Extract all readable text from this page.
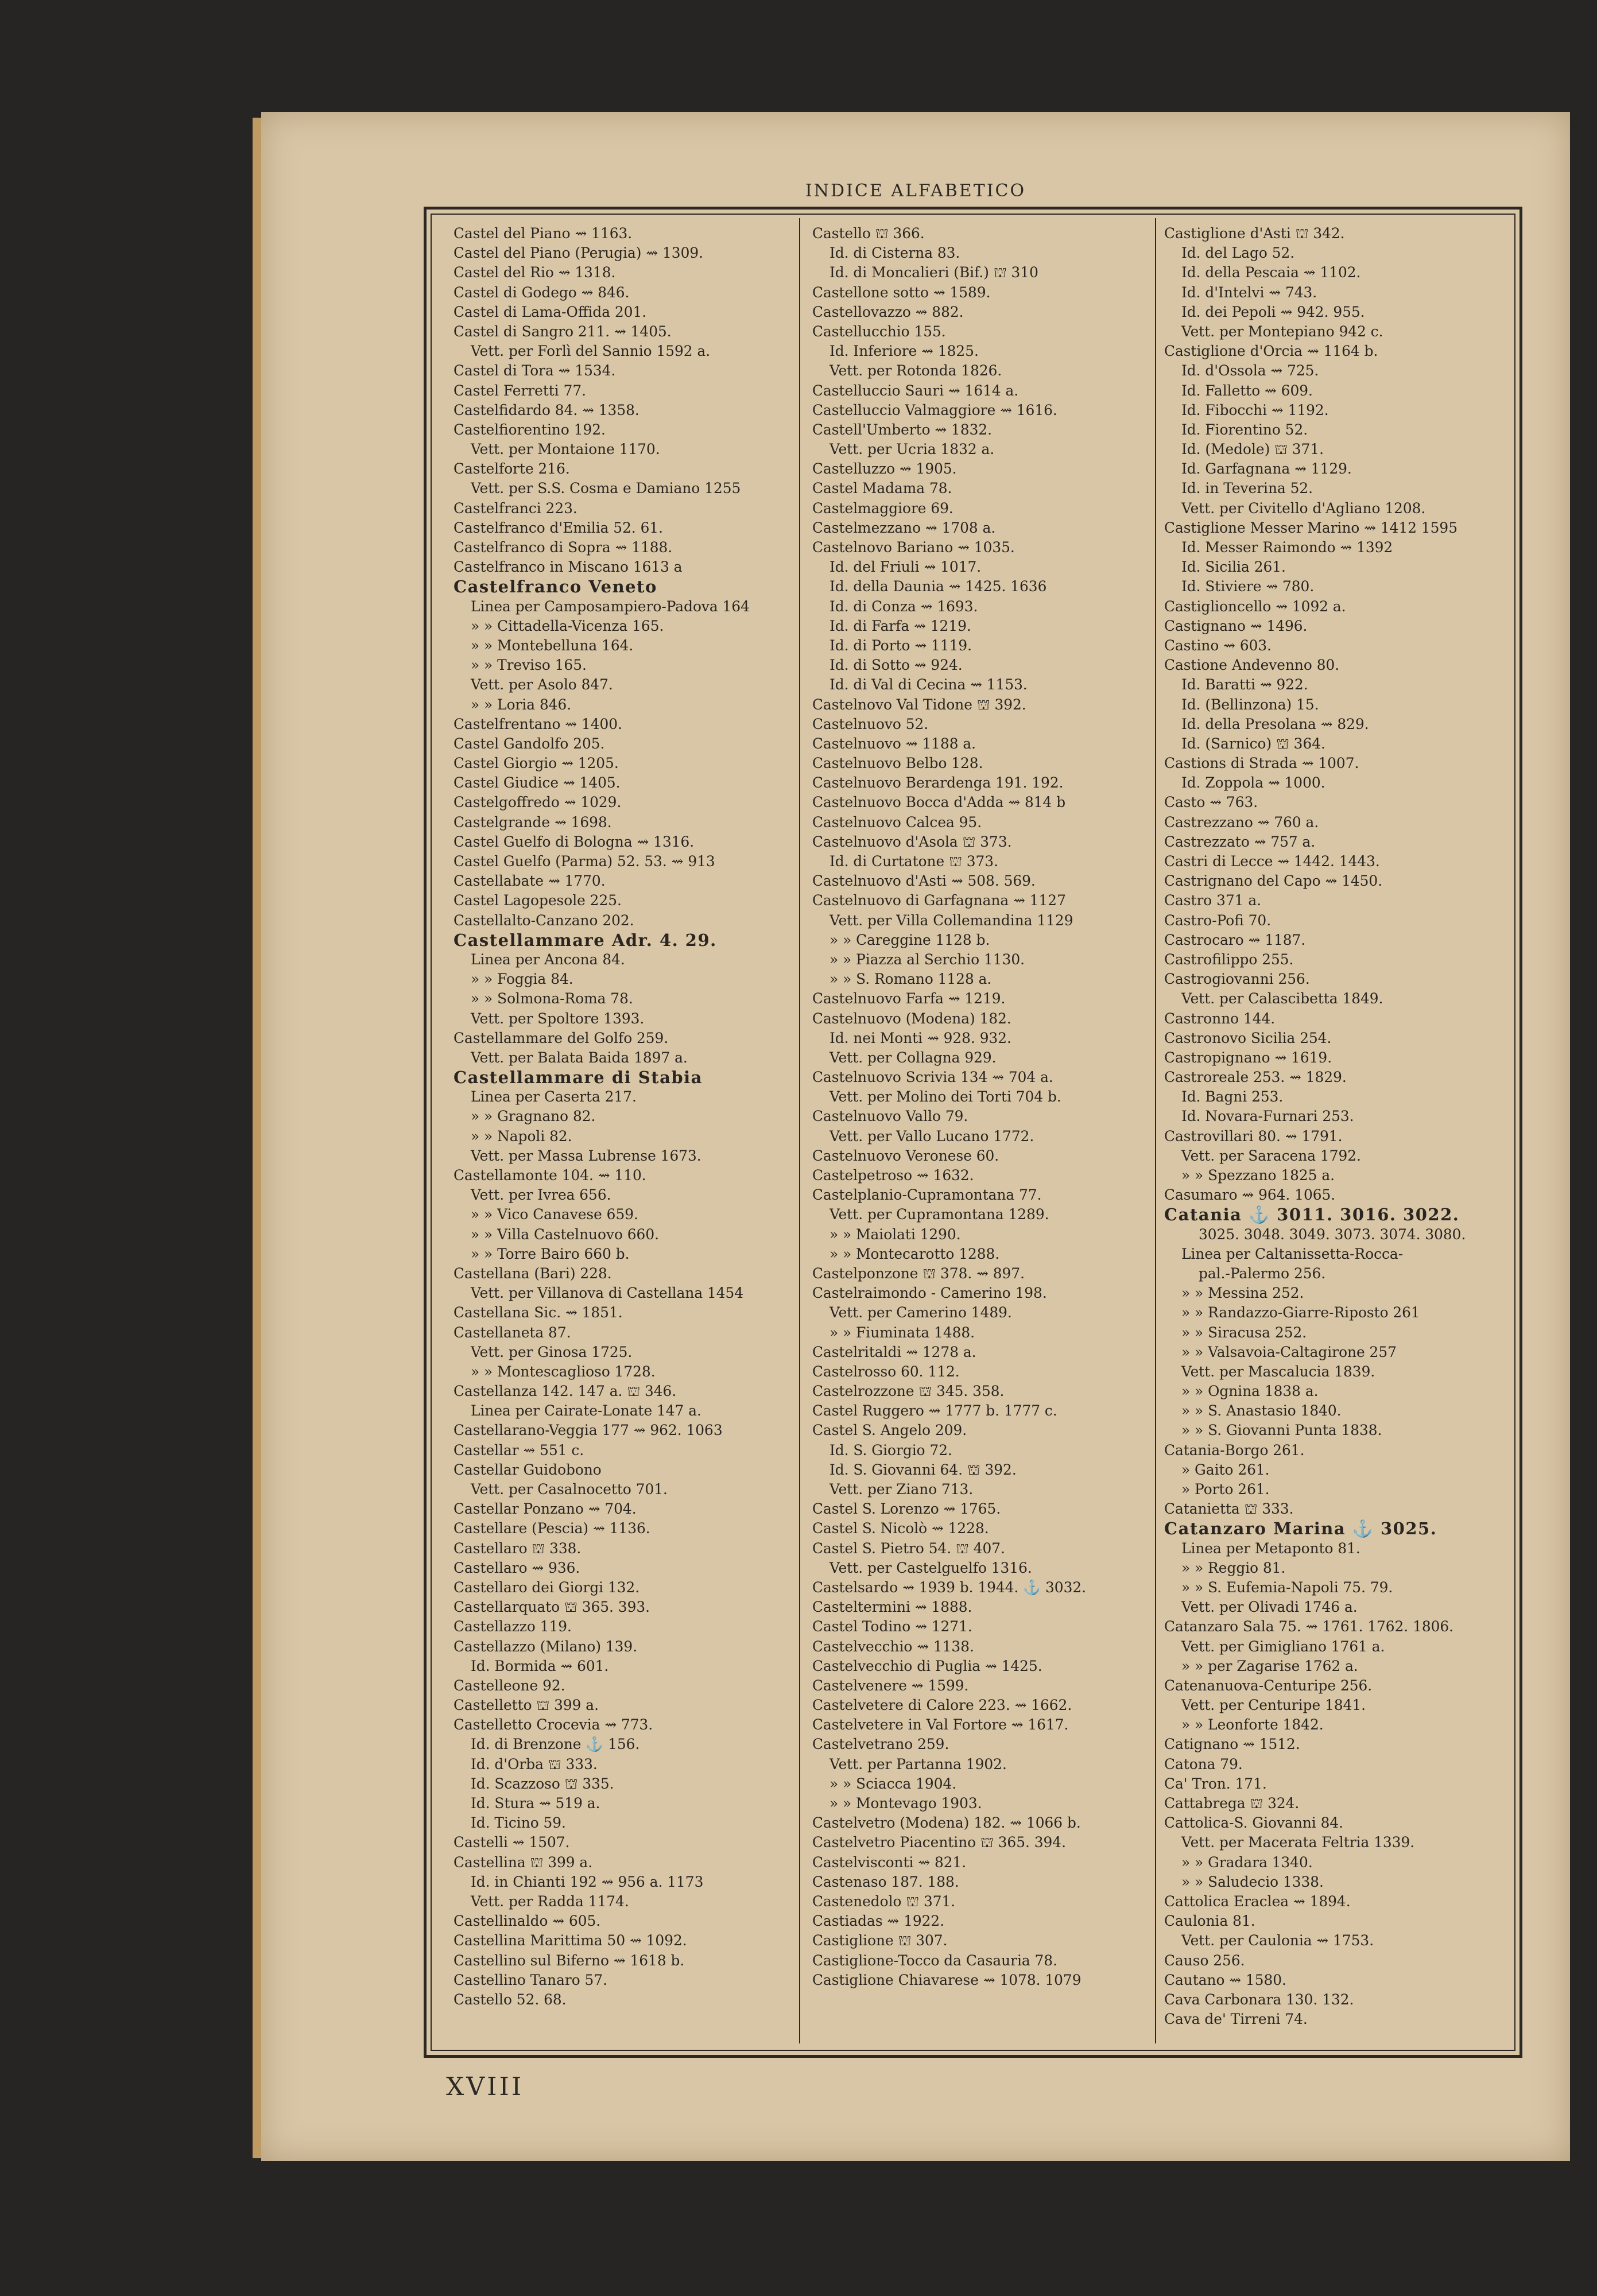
INDICE ALFABETICO
Castel del Piano ⇝ 1163.
Castel del Piano (Perugia) ⇝ 1309.
Castel del Rio ⇝ 1318.
Castel di Godego ⇝ 846.
Castel di Lama-Offida 201.
Castel di Sangro 211. ⇝ 1405.
Vett. per Forlì del Sannio 1592 a.
Castel di Tora ⇝ 1534.
Castel Ferretti 77.
Castelfidardo 84. ⇝ 1358.
Castelfiorentino 192.
Vett. per Montaione 1170.
Castelforte 216.
Vett. per S.S. Cosma e Damiano 1255
Castelfranci 223.
Castelfranco d'Emilia 52. 61.
Castelfranco di Sopra ⇝ 1188.
Castelfranco in Miscano 1613 a
Castelfranco Veneto
Linea per Camposampiero-Padova 164
» » Cittadella-Vicenza 165.
» » Montebelluna 164.
» » Treviso 165.
Vett. per Asolo 847.
» » Loria 846.
Castelfrentano ⇝ 1400.
Castel Gandolfo 205.
Castel Giorgio ⇝ 1205.
Castel Giudice ⇝ 1405.
Castelgoffredo ⇝ 1029.
Castelgrande ⇝ 1698.
Castel Guelfo di Bologna ⇝ 1316.
Castel Guelfo (Parma) 52. 53. ⇝ 913
Castellabate ⇝ 1770.
Castel Lagopesole 225.
Castellalto-Canzano 202.
Castellammare Adr. 4. 29.
Linea per Ancona 84.
» » Foggia 84.
» » Solmona-Roma 78.
Vett. per Spoltore 1393.
Castellammare del Golfo 259.
Vett. per Balata Baida 1897 a.
Castellammare di Stabia
Linea per Caserta 217.
» » Gragnano 82.
» » Napoli 82.
Vett. per Massa Lubrense 1673.
Castellamonte 104. ⇝ 110.
Vett. per Ivrea 656.
» » Vico Canavese 659.
» » Villa Castelnuovo 660.
» » Torre Bairo 660 b.
Castellana (Bari) 228.
Vett. per Villanova di Castellana 1454
Castellana Sic. ⇝ 1851.
Castellaneta 87.
Vett. per Ginosa 1725.
» » Montescaglioso 1728.
Castellanza 142. 147 a. ⛫ 346.
Linea per Cairate-Lonate 147 a.
Castellarano-Veggia 177 ⇝ 962. 1063
Castellar ⇝ 551 c.
Castellar Guidobono
Vett. per Casalnocetto 701.
Castellar Ponzano ⇝ 704.
Castellare (Pescia) ⇝ 1136.
Castellaro ⛫ 338.
Castellaro ⇝ 936.
Castellaro dei Giorgi 132.
Castellarquato ⛫ 365. 393.
Castellazzo 119.
Castellazzo (Milano) 139.
Id. Bormida ⇝ 601.
Castelleone 92.
Castelletto ⛫ 399 a.
Castelletto Crocevia ⇝ 773.
Id. di Brenzone ⚓ 156.
Id. d'Orba ⛫ 333.
Id. Scazzoso ⛫ 335.
Id. Stura ⇝ 519 a.
Id. Ticino 59.
Castelli ⇝ 1507.
Castellina ⛫ 399 a.
Id. in Chianti 192 ⇝ 956 a. 1173
Vett. per Radda 1174.
Castellinaldo ⇝ 605.
Castellina Marittima 50 ⇝ 1092.
Castellino sul Biferno ⇝ 1618 b.
Castellino Tanaro 57.
Castello 52. 68.
Castello ⛫ 366.
Id. di Cisterna 83.
Id. di Moncalieri (Bif.) ⛫ 310
Castellone sotto ⇝ 1589.
Castellovazzo ⇝ 882.
Castellucchio 155.
Id. Inferiore ⇝ 1825.
Vett. per Rotonda 1826.
Castelluccio Sauri ⇝ 1614 a.
Castelluccio Valmaggiore ⇝ 1616.
Castell'Umberto ⇝ 1832.
Vett. per Ucria 1832 a.
Castelluzzo ⇝ 1905.
Castel Madama 78.
Castelmaggiore 69.
Castelmezzano ⇝ 1708 a.
Castelnovo Bariano ⇝ 1035.
Id. del Friuli ⇝ 1017.
Id. della Daunia ⇝ 1425. 1636
Id. di Conza ⇝ 1693.
Id. di Farfa ⇝ 1219.
Id. di Porto ⇝ 1119.
Id. di Sotto ⇝ 924.
Id. di Val di Cecina ⇝ 1153.
Castelnovo Val Tidone ⛫ 392.
Castelnuovo 52.
Castelnuovo ⇝ 1188 a.
Castelnuovo Belbo 128.
Castelnuovo Berardenga 191. 192.
Castelnuovo Bocca d'Adda ⇝ 814 b
Castelnuovo Calcea 95.
Castelnuovo d'Asola ⛫ 373.
Id. di Curtatone ⛫ 373.
Castelnuovo d'Asti ⇝ 508. 569.
Castelnuovo di Garfagnana ⇝ 1127
Vett. per Villa Collemandina 1129
» » Careggine 1128 b.
» » Piazza al Serchio 1130.
» » S. Romano 1128 a.
Castelnuovo Farfa ⇝ 1219.
Castelnuovo (Modena) 182.
Id. nei Monti ⇝ 928. 932.
Vett. per Collagna 929.
Castelnuovo Scrivia 134 ⇝ 704 a.
Vett. per Molino dei Torti 704 b.
Castelnuovo Vallo 79.
Vett. per Vallo Lucano 1772.
Castelnuovo Veronese 60.
Castelpetroso ⇝ 1632.
Castelplanio-Cupramontana 77.
Vett. per Cupramontana 1289.
» » Maiolati 1290.
» » Montecarotto 1288.
Castelponzone ⛫ 378. ⇝ 897.
Castelraimondo - Camerino 198.
Vett. per Camerino 1489.
» » Fiuminata 1488.
Castelritaldi ⇝ 1278 a.
Castelrosso 60. 112.
Castelrozzone ⛫ 345. 358.
Castel Ruggero ⇝ 1777 b. 1777 c.
Castel S. Angelo 209.
Id. S. Giorgio 72.
Id. S. Giovanni 64. ⛫ 392.
Vett. per Ziano 713.
Castel S. Lorenzo ⇝ 1765.
Castel S. Nicolò ⇝ 1228.
Castel S. Pietro 54. ⛫ 407.
Vett. per Castelguelfo 1316.
Castelsardo ⇝ 1939 b. 1944. ⚓ 3032.
Casteltermini ⇝ 1888.
Castel Todino ⇝ 1271.
Castelvecchio ⇝ 1138.
Castelvecchio di Puglia ⇝ 1425.
Castelvenere ⇝ 1599.
Castelvetere di Calore 223. ⇝ 1662.
Castelvetere in Val Fortore ⇝ 1617.
Castelvetrano 259.
Vett. per Partanna 1902.
» » Sciacca 1904.
» » Montevago 1903.
Castelvetro (Modena) 182. ⇝ 1066 b.
Castelvetro Piacentino ⛫ 365. 394.
Castelvisconti ⇝ 821.
Castenaso 187. 188.
Castenedolo ⛫ 371.
Castiadas ⇝ 1922.
Castiglione ⛫ 307.
Castiglione-Tocco da Casauria 78.
Castiglione Chiavarese ⇝ 1078. 1079
Castiglione d'Asti ⛫ 342.
Id. del Lago 52.
Id. della Pescaia ⇝ 1102.
Id. d'Intelvi ⇝ 743.
Id. dei Pepoli ⇝ 942. 955.
Vett. per Montepiano 942 c.
Castiglione d'Orcia ⇝ 1164 b.
Id. d'Ossola ⇝ 725.
Id. Falletto ⇝ 609.
Id. Fibocchi ⇝ 1192.
Id. Fiorentino 52.
Id. (Medole) ⛫ 371.
Id. Garfagnana ⇝ 1129.
Id. in Teverina 52.
Vett. per Civitello d'Agliano 1208.
Castiglione Messer Marino ⇝ 1412 1595
Id. Messer Raimondo ⇝ 1392
Id. Sicilia 261.
Id. Stiviere ⇝ 780.
Castiglioncello ⇝ 1092 a.
Castignano ⇝ 1496.
Castino ⇝ 603.
Castione Andevenno 80.
Id. Baratti ⇝ 922.
Id. (Bellinzona) 15.
Id. della Presolana ⇝ 829.
Id. (Sarnico) ⛫ 364.
Castions di Strada ⇝ 1007.
Id. Zoppola ⇝ 1000.
Casto ⇝ 763.
Castrezzano ⇝ 760 a.
Castrezzato ⇝ 757 a.
Castri di Lecce ⇝ 1442. 1443.
Castrignano del Capo ⇝ 1450.
Castro 371 a.
Castro-Pofi 70.
Castrocaro ⇝ 1187.
Castrofilippo 255.
Castrogiovanni 256.
Vett. per Calascibetta 1849.
Castronno 144.
Castronovo Sicilia 254.
Castropignano ⇝ 1619.
Castroreale 253. ⇝ 1829.
Id. Bagni 253.
Id. Novara-Furnari 253.
Castrovillari 80. ⇝ 1791.
Vett. per Saracena 1792.
» » Spezzano 1825 a.
Casumaro ⇝ 964. 1065.
Catania ⚓ 3011. 3016. 3022.
3025. 3048. 3049. 3073. 3074. 3080.
Linea per Caltanissetta-Rocca-
pal.-Palermo 256.
» » Messina 252.
» » Randazzo-Giarre-Riposto 261
» » Siracusa 252.
» » Valsavoia-Caltagirone 257
Vett. per Mascalucia 1839.
» » Ognina 1838 a.
» » S. Anastasio 1840.
» » S. Giovanni Punta 1838.
Catania-Borgo 261.
» Gaito 261.
» Porto 261.
Catanietta ⛫ 333.
Catanzaro Marina ⚓ 3025.
Linea per Metaponto 81.
» » Reggio 81.
» » S. Eufemia-Napoli 75. 79.
Vett. per Olivadi 1746 a.
Catanzaro Sala 75. ⇝ 1761. 1762. 1806.
Vett. per Gimigliano 1761 a.
» » per Zagarise 1762 a.
Catenanuova-Centuripe 256.
Vett. per Centuripe 1841.
» » Leonforte 1842.
Catignano ⇝ 1512.
Catona 79.
Ca' Tron. 171.
Cattabrega ⛫ 324.
Cattolica-S. Giovanni 84.
Vett. per Macerata Feltria 1339.
» » Gradara 1340.
» » Saludecio 1338.
Cattolica Eraclea ⇝ 1894.
Caulonia 81.
Vett. per Caulonia ⇝ 1753.
Causo 256.
Cautano ⇝ 1580.
Cava Carbonara 130. 132.
Cava de' Tirreni 74.
XVIII
